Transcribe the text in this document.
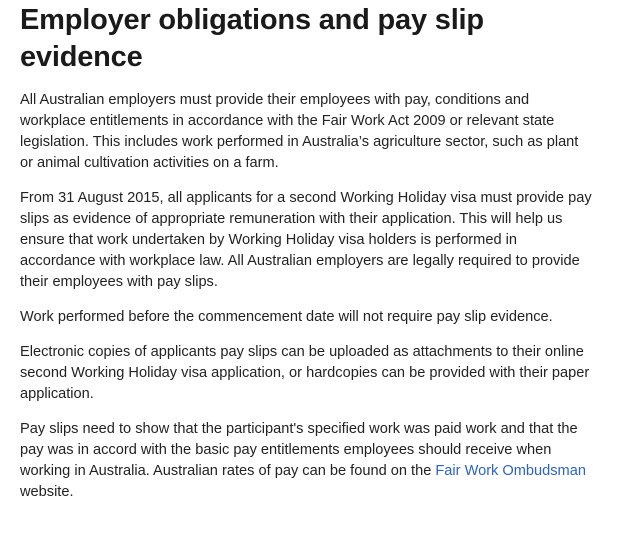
Employer obligations and pay slip evidence

All Australian employers must provide their employees with pay, conditions and workplace entitlements in accordance with the Fair Work Act 2009 or relevant state legislation. This includes work performed in Australia’s agriculture sector, such as plant or animal cultivation activities on a farm.

From 31 August 2015, all applicants for a second Working Holiday visa must provide pay slips as evidence of appropriate remuneration with their application. This will help us ensure that work undertaken by Working Holiday visa holders is performed in accordance with workplace law. All Australian employers are legally required to provide their employees with pay slips.

Work performed before the commencement date will not require pay slip evidence.

Electronic copies of applicants pay slips can be uploaded as attachments to their online second Working Holiday visa application, or hardcopies can be provided with their paper application.

Pay slips need to show that the participant's specified work was paid work and that the pay was in accord with the basic pay entitlements employees should receive when working in Australia. Australian rates of pay can be found on the Fair Work Ombudsman website.
